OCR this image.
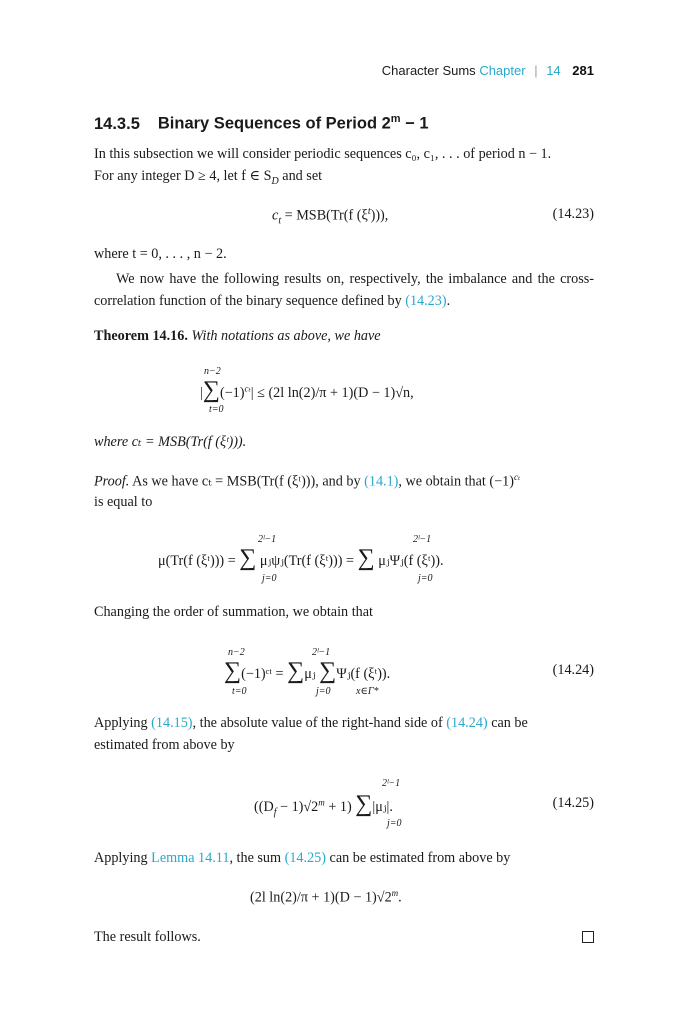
Character Sums Chapter | 14 281
14.3.5 Binary Sequences of Period $2^m - 1$
In this subsection we will consider periodic sequences c₀, c₁, . . . of period n − 1.
For any integer D ≥ 4, let f ∈ $S_D$ and set
$c_t = MSB(Tr(f$ $(\xi^t)$)),	(14.23)
where t = 0, . . . , n − 2.
We now have the following results on, respectively, the imbalance and the cross-correlation function of the binary sequence defined by (14.23).
Theorem 14.16. With notations as above, we have
n−2
$|\sum(-1)^{c_t}| \le (2l$ ln(2)/π + 1)(D − 1)√n,
t=0
where cₜ = MSB(Tr(f (ξᵗ))).
Proof. As we have cₜ = MSB(Tr(f (ξᵗ))), and by (14.1), we obtain that $(-1)^{c_t}$
is equal to
2ˡ−1	2ˡ−1
μ(Tr(f (ξᵗ))) = ∑ μⱼψⱼ(Tr(f (ξᵗ))) = ∑ μⱼΨⱼ(f (ξᵗ)).
j=0	j=0
Changing the order of summation, we obtain that
n−2	2ˡ−1
∑(−1)ᶜᵗ = ∑μⱼ ∑Ψⱼ(f (ξᵗ)).
t=0	j=0	x∈Γ*
(14.24)
Applying (14.15), the absolute value of the right-hand side of (14.24) can be
estimated from above by
2ˡ−1
$((D_f - 1)√2^m + 1)$ ∑|μⱼ|.
j=0
(14.25)
Applying Lemma 14.11, the sum (14.25) can be estimated from above by
(2l $\ln(2)/\pi + 1)(D - 1)√2^m$.
The result follows.
